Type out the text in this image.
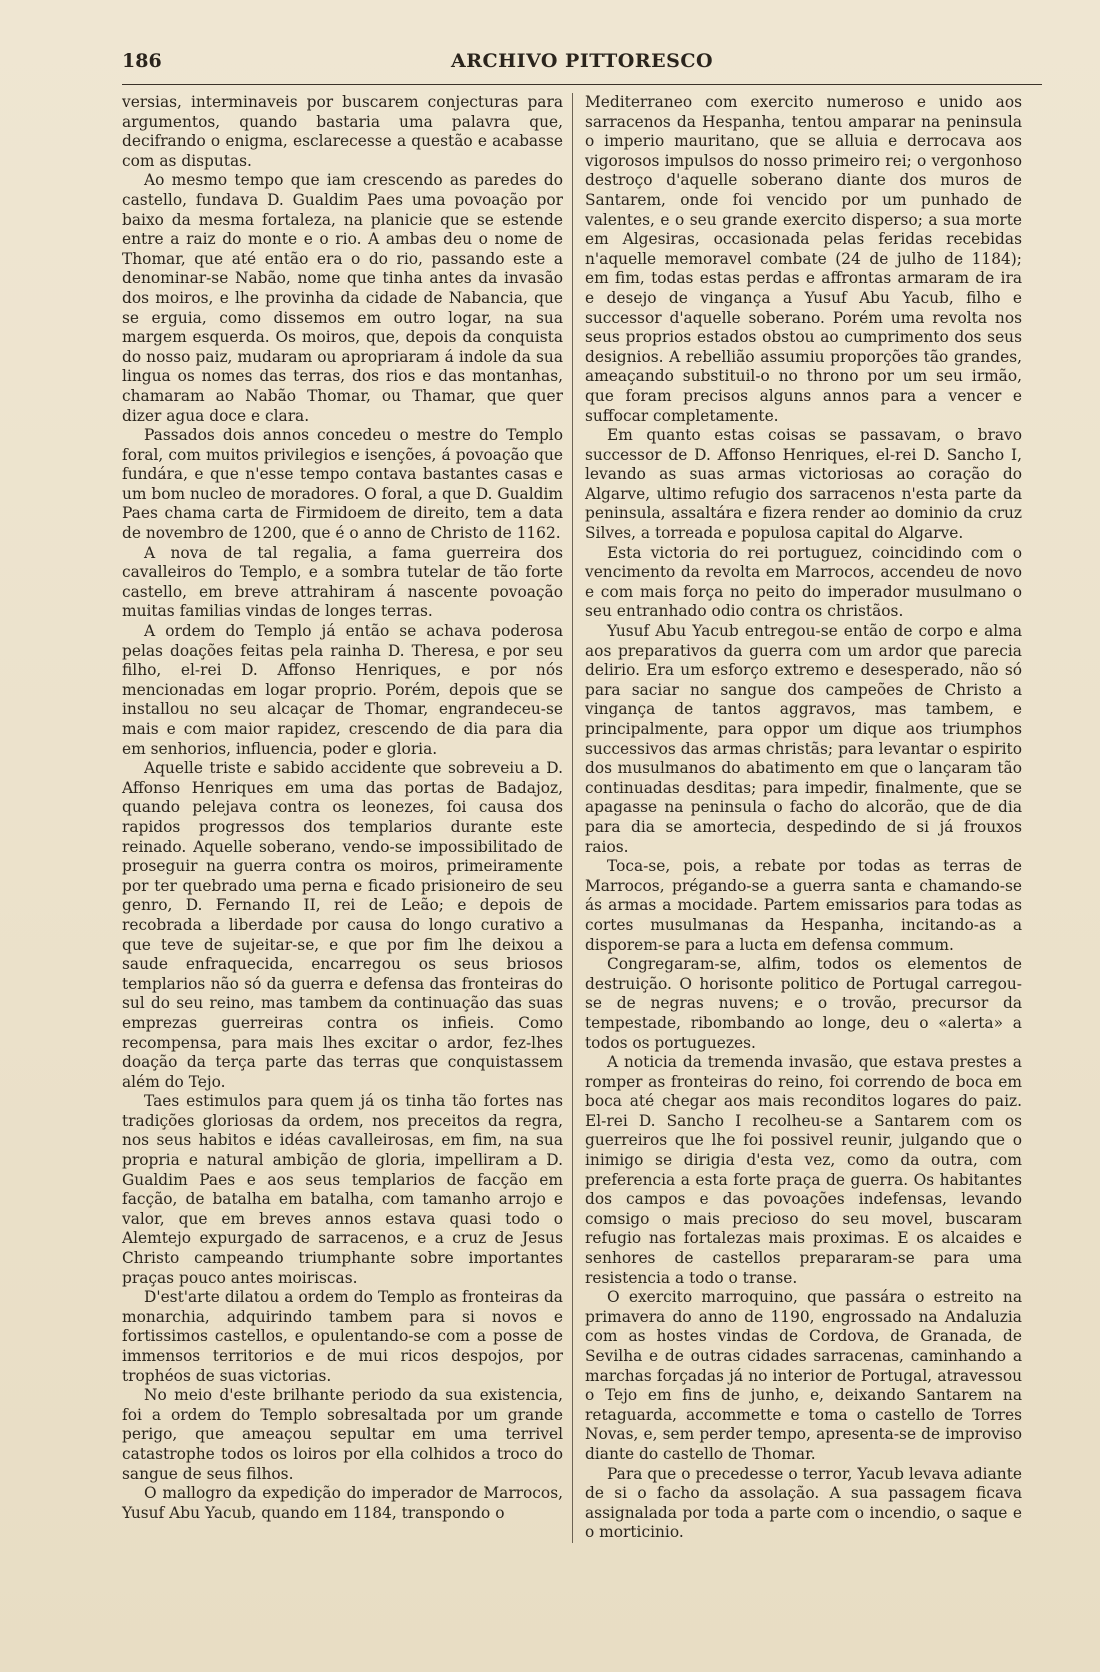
186	ARCHIVO PITTORESCO

versias, interminaveis por buscarem conjecturas para argumentos, quando bastaria uma palavra que, decifrando o enigma, esclarecesse a questão e acabasse com as disputas.

Ao mesmo tempo que iam crescendo as paredes do castello, fundava D. Gualdim Paes uma povoação por baixo da mesma fortaleza, na planicie que se estende entre a raiz do monte e o rio. A ambas deu o nome de Thomar, que até então era o do rio, passando este a denominar-se Nabão, nome que tinha antes da invasão dos moiros, e lhe provinha da cidade de Nabancia, que se erguia, como dissemos em outro logar, na sua margem esquerda. Os moiros, que, depois da conquista do nosso paiz, mudaram ou apropriaram á indole da sua lingua os nomes das terras, dos rios e das montanhas, chamaram ao Nabão Thomar, ou Thamar, que quer dizer agua doce e clara.

Passados dois annos concedeu o mestre do Templo foral, com muitos privilegios e isenções, á povoação que fundára, e que n'esse tempo contava bastantes casas e um bom nucleo de moradores. O foral, a que D. Gualdim Paes chama carta de Firmidoem de direito, tem a data de novembro de 1200, que é o anno de Christo de 1162.

A nova de tal regalia, a fama guerreira dos cavalleiros do Templo, e a sombra tutelar de tão forte castello, em breve attrahiram á nascente povoação muitas familias vindas de longes terras.

A ordem do Templo já então se achava poderosa pelas doações feitas pela rainha D. Theresa, e por seu filho, el-rei D. Affonso Henriques, e por nós mencionadas em logar proprio. Porém, depois que se installou no seu alcaçar de Thomar, engrandeceu-se mais e com maior rapidez, crescendo de dia para dia em senhorios, influencia, poder e gloria.

Aquelle triste e sabido accidente que sobreveiu a D. Affonso Henriques em uma das portas de Badajoz, quando pelejava contra os leonezes, foi causa dos rapidos progressos dos templarios durante este reinado. Aquelle soberano, vendo-se impossibilitado de proseguir na guerra contra os moiros, primeiramente por ter quebrado uma perna e ficado prisioneiro de seu genro, D. Fernando II, rei de Leão; e depois de recobrada a liberdade por causa do longo curativo a que teve de sujeitar-se, e que por fim lhe deixou a saude enfraquecida, encarregou os seus briosos templarios não só da guerra e defensa das fronteiras do sul do seu reino, mas tambem da continuação das suas emprezas guerreiras contra os infieis. Como recompensa, para mais lhes excitar o ardor, fez-lhes doação da terça parte das terras que conquistassem além do Tejo.

Taes estimulos para quem já os tinha tão fortes nas tradições gloriosas da ordem, nos preceitos da regra, nos seus habitos e idéas cavalleirosas, em fim, na sua propria e natural ambição de gloria, impelliram a D. Gualdim Paes e aos seus templarios de facção em facção, de batalha em batalha, com tamanho arrojo e valor, que em breves annos estava quasi todo o Alemtejo expurgado de sarracenos, e a cruz de Jesus Christo campeando triumphante sobre importantes praças pouco antes moiriscas.

D'est'arte dilatou a ordem do Templo as fronteiras da monarchia, adquirindo tambem para si novos e fortissimos castellos, e opulentando-se com a posse de immensos territorios e de mui ricos despojos, por trophéos de suas victorias.

No meio d'este brilhante periodo da sua existencia, foi a ordem do Templo sobresaltada por um grande perigo, que ameaçou sepultar em uma terrivel catastrophe todos os loiros por ella colhidos a troco do sangue de seus filhos.

O mallogro da expedição do imperador de Marrocos, Yusuf Abu Yacub, quando em 1184, transpondo o

Mediterraneo com exercito numeroso e unido aos sarracenos da Hespanha, tentou amparar na peninsula o imperio mauritano, que se alluia e derrocava aos vigorosos impulsos do nosso primeiro rei; o vergonhoso destroço d'aquelle soberano diante dos muros de Santarem, onde foi vencido por um punhado de valentes, e o seu grande exercito disperso; a sua morte em Algesiras, occasionada pelas feridas recebidas n'aquelle memoravel combate (24 de julho de 1184); em fim, todas estas perdas e affrontas armaram de ira e desejo de vingança a Yusuf Abu Yacub, filho e successor d'aquelle soberano. Porém uma revolta nos seus proprios estados obstou ao cumprimento dos seus designios. A rebellião assumiu proporções tão grandes, ameaçando substituil-o no throno por um seu irmão, que foram precisos alguns annos para a vencer e suffocar completamente.

Em quanto estas coisas se passavam, o bravo successor de D. Affonso Henriques, el-rei D. Sancho I, levando as suas armas victoriosas ao coração do Algarve, ultimo refugio dos sarracenos n'esta parte da peninsula, assaltára e fizera render ao dominio da cruz Silves, a torreada e populosa capital do Algarve.

Esta victoria do rei portuguez, coincidindo com o vencimento da revolta em Marrocos, accendeu de novo e com mais força no peito do imperador musulmano o seu entranhado odio contra os christãos.

Yusuf Abu Yacub entregou-se então de corpo e alma aos preparativos da guerra com um ardor que parecia delirio. Era um esforço extremo e desesperado, não só para saciar no sangue dos campeões de Christo a vingança de tantos aggravos, mas tambem, e principalmente, para oppor um dique aos triumphos successivos das armas christãs; para levantar o espirito dos musulmanos do abatimento em que o lançaram tão continuadas desditas; para impedir, finalmente, que se apagasse na peninsula o facho do alcorão, que de dia para dia se amortecia, despedindo de si já frouxos raios.

Toca-se, pois, a rebate por todas as terras de Marrocos, prégando-se a guerra santa e chamando-se ás armas a mocidade. Partem emissarios para todas as cortes musulmanas da Hespanha, incitando-as a disporem-se para a lucta em defensa commum.

Congregaram-se, alfim, todos os elementos de destruição. O horisonte politico de Portugal carregou-se de negras nuvens; e o trovão, precursor da tempestade, ribombando ao longe, deu o «alerta» a todos os portuguezes.

A noticia da tremenda invasão, que estava prestes a romper as fronteiras do reino, foi correndo de boca em boca até chegar aos mais reconditos logares do paiz. El-rei D. Sancho I recolheu-se a Santarem com os guerreiros que lhe foi possivel reunir, julgando que o inimigo se dirigia d'esta vez, como da outra, com preferencia a esta forte praça de guerra. Os habitantes dos campos e das povoações indefensas, levando comsigo o mais precioso do seu movel, buscaram refugio nas fortalezas mais proximas. E os alcaides e senhores de castellos prepararam-se para uma resistencia a todo o transe.

O exercito marroquino, que passára o estreito na primavera do anno de 1190, engrossado na Andaluzia com as hostes vindas de Cordova, de Granada, de Sevilha e de outras cidades sarracenas, caminhando a marchas forçadas já no interior de Portugal, atravessou o Tejo em fins de junho, e, deixando Santarem na retaguarda, accommette e toma o castello de Torres Novas, e, sem perder tempo, apresenta-se de improviso diante do castello de Thomar.

Para que o precedesse o terror, Yacub levava adiante de si o facho da assolação. A sua passagem ficava assignalada por toda a parte com o incendio, o saque e o morticinio.
